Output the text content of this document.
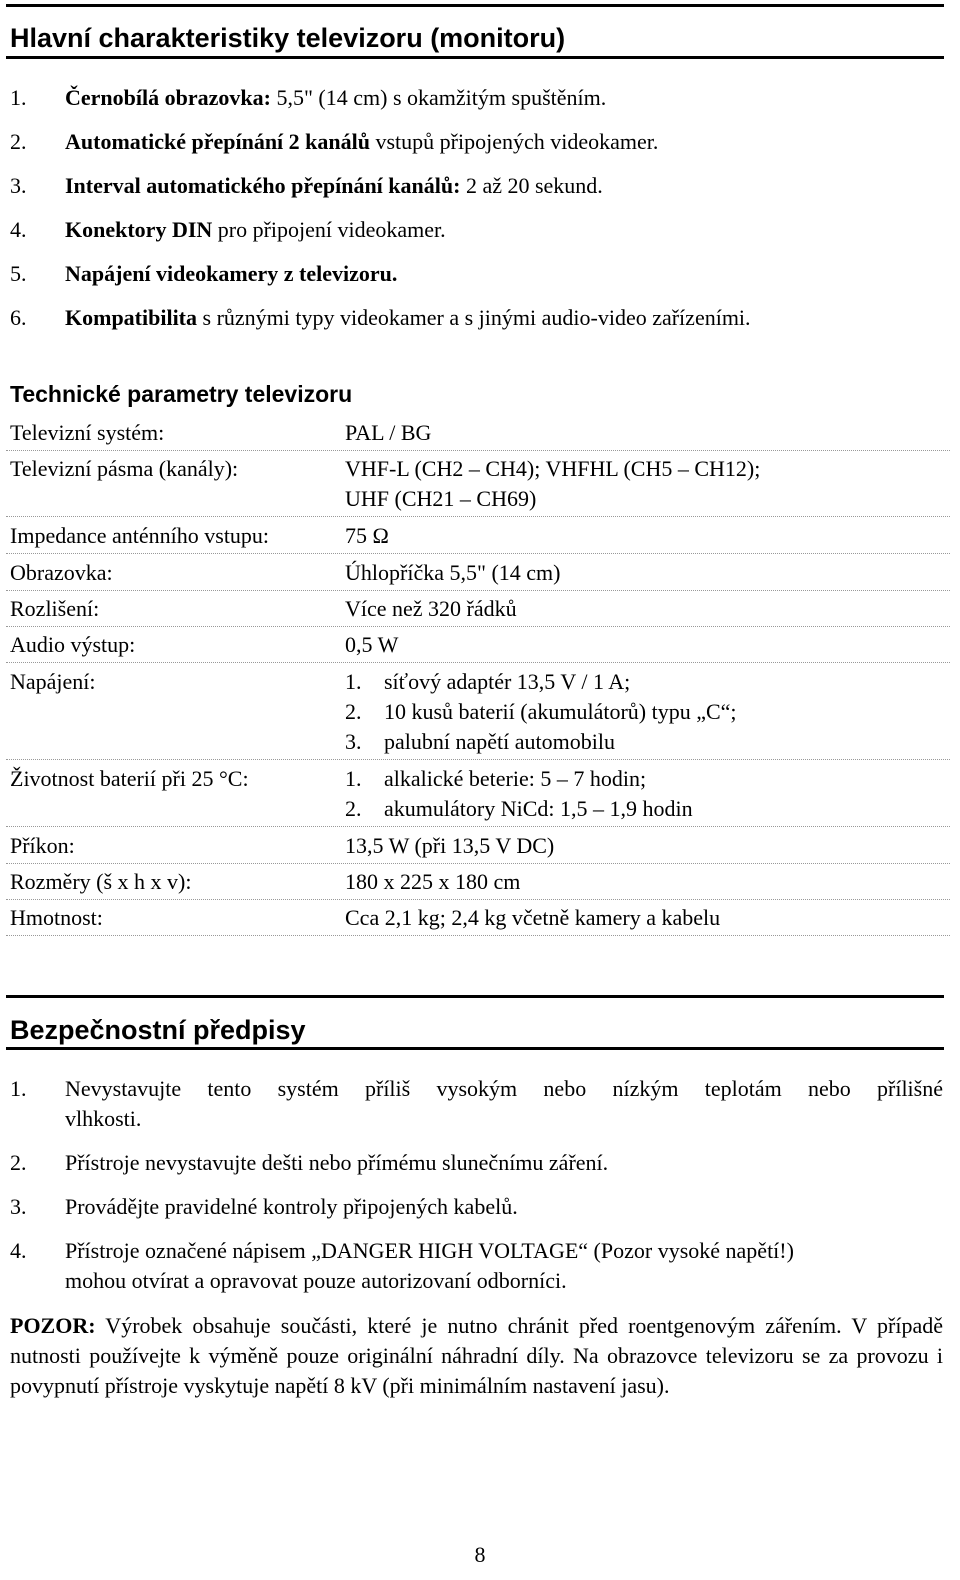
Hlavní charakteristiky televizoru (monitoru)
1. Černobílá obrazovka: 5,5" (14 cm) s okamžitým spuštěním.
2. Automatické přepínání 2 kanálů vstupů připojených videokamer.
3. Interval automatického přepínání kanálů: 2 až 20 sekund.
4. Konektory DIN pro připojení videokamer.
5. Napájení videokamery z televizoru.
6. Kompatibilita s různými typy videokamer a s jinými audio-video zařízeními.
Technické parametry televizoru
Televizní systém:	PAL / BG
Televizní pásma (kanály):	VHF-L (CH2 – CH4); VHFHL (CH5 – CH12);
UHF (CH21 – CH69)
Impedance anténního vstupu:	75 Ω
Obrazovka:	Úhlopříčka 5,5" (14 cm)
Rozlišení:	Více než 320 řádků
Audio výstup:	0,5 W
Napájení:	1. síťový adaptér 13,5 V / 1 A;
2. 10 kusů baterií (akumulátorů) typu „C“;
3. palubní napětí automobilu
Životnost baterií při 25 °C:	1. alkalické beterie: 5 – 7 hodin;
2. akumulátory NiCd: 1,5 – 1,9 hodin
Příkon:	13,5 W (při 13,5 V DC)
Rozměry (š x h x v):	180 x 225 x 180 cm
Hmotnost:	Cca 2,1 kg; 2,4 kg včetně kamery a kabelu
Bezpečnostní předpisy
1. Nevystavujte tento systém příliš vysokým nebo nízkým teplotám nebo přílišné
vlhkosti.
2. Přístroje nevystavujte dešti nebo přímému slunečnímu záření.
3. Provádějte pravidelné kontroly připojených kabelů.
4. Přístroje označené nápisem „DANGER HIGH VOLTAGE“ (Pozor vysoké napětí!)
mohou otvírat a opravovat pouze autorizovaní odborníci.
POZOR: Výrobek obsahuje součásti, které je nutno chránit před roentgenovým zářením. V případě nutnosti používejte k výměně pouze originální náhradní díly. Na obrazovce televizoru se za provozu i povypnutí přístroje vyskytuje napětí 8 kV (při minimálním nastavení jasu).
8
